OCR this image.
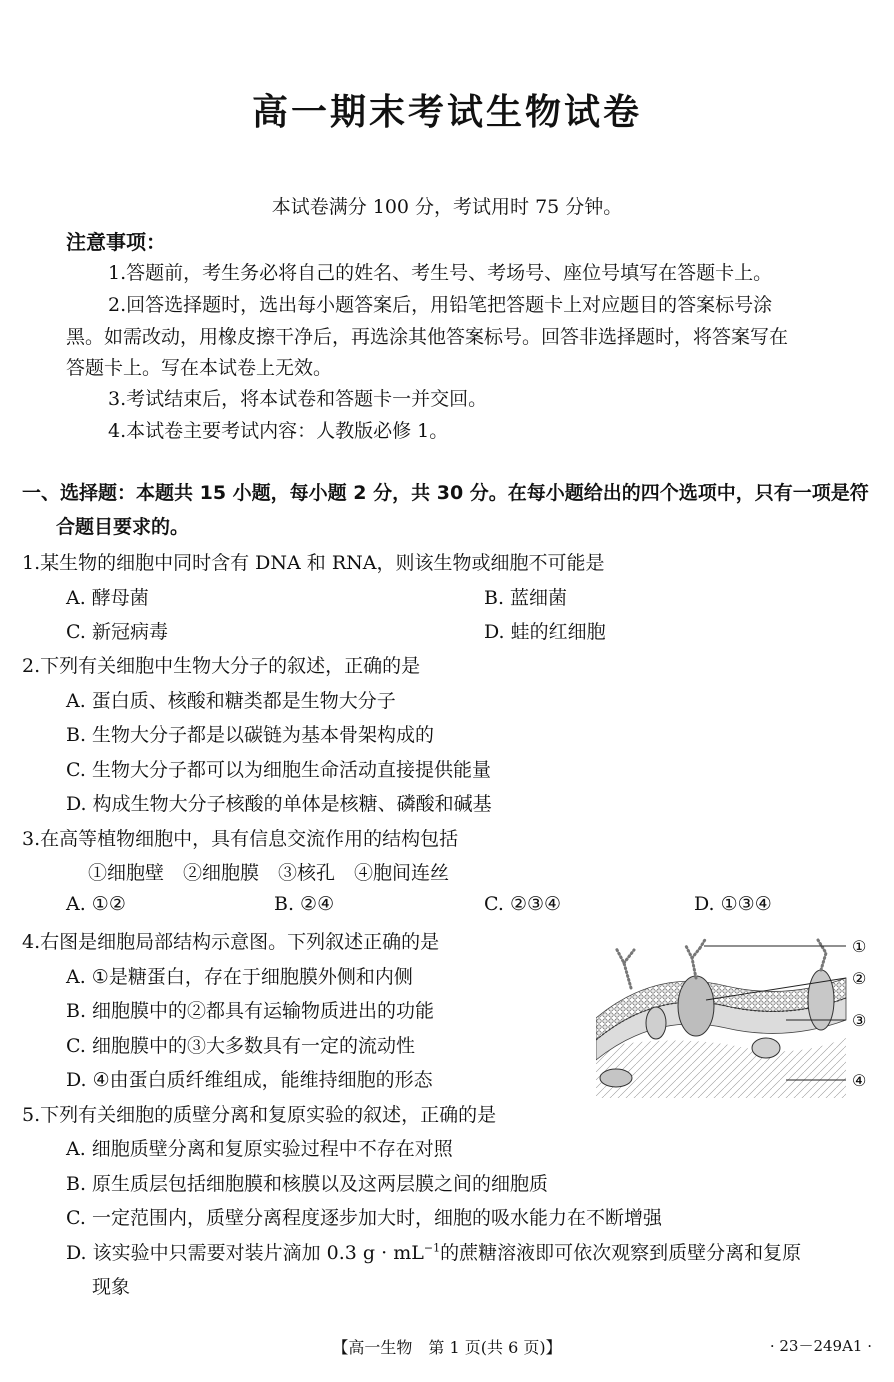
高一期末考试生物试卷
本试卷满分 100 分，考试用时 75 分钟。
注意事项：
1.答题前，考生务必将自己的姓名、考生号、考场号、座位号填写在答题卡上。
2.回答选择题时，选出每小题答案后，用铅笔把答题卡上对应题目的答案标号涂
黑。如需改动，用橡皮擦干净后，再选涂其他答案标号。回答非选择题时，将答案写在
答题卡上。写在本试卷上无效。
3.考试结束后，将本试卷和答题卡一并交回。
4.本试卷主要考试内容：人教版必修 1。
一、选择题：本题共 15 小题，每小题 2 分，共 30 分。在每小题给出的四个选项中，只有一项是符
合题目要求的。
1.某生物的细胞中同时含有 DNA 和 RNA，则该生物或细胞不可能是
A. 酵母菌	B. 蓝细菌
C. 新冠病毒	D. 蛙的红细胞
2.下列有关细胞中生物大分子的叙述，正确的是
A. 蛋白质、核酸和糖类都是生物大分子
B. 生物大分子都是以碳链为基本骨架构成的
C. 生物大分子都可以为细胞生命活动直接提供能量
D. 构成生物大分子核酸的单体是核糖、磷酸和碱基
3.在高等植物细胞中，具有信息交流作用的结构包括
①细胞壁　②细胞膜　③核孔　④胞间连丝
A. ①②	B. ②④	C. ②③④	D. ①③④
4.右图是细胞局部结构示意图。下列叙述正确的是
A. ①是糖蛋白，存在于细胞膜外侧和内侧
B. 细胞膜中的②都具有运输物质进出的功能
C. 细胞膜中的③大多数具有一定的流动性
D. ④由蛋白质纤维组成，能维持细胞的形态
①
②
③
④
5.下列有关细胞的质壁分离和复原实验的叙述，正确的是
A. 细胞质壁分离和复原实验过程中不存在对照
B. 原生质层包括细胞膜和核膜以及这两层膜之间的细胞质
C. 一定范围内，质壁分离程度逐步加大时，细胞的吸水能力在不断增强
D. 该实验中只需要对装片滴加 0.3 $g \cdot mL^{-1}$的蔗糖溶液即可依次观察到质壁分离和复原
现象
【高一生物　第 1 页(共 6 页)】	· 23－249A1 ·
